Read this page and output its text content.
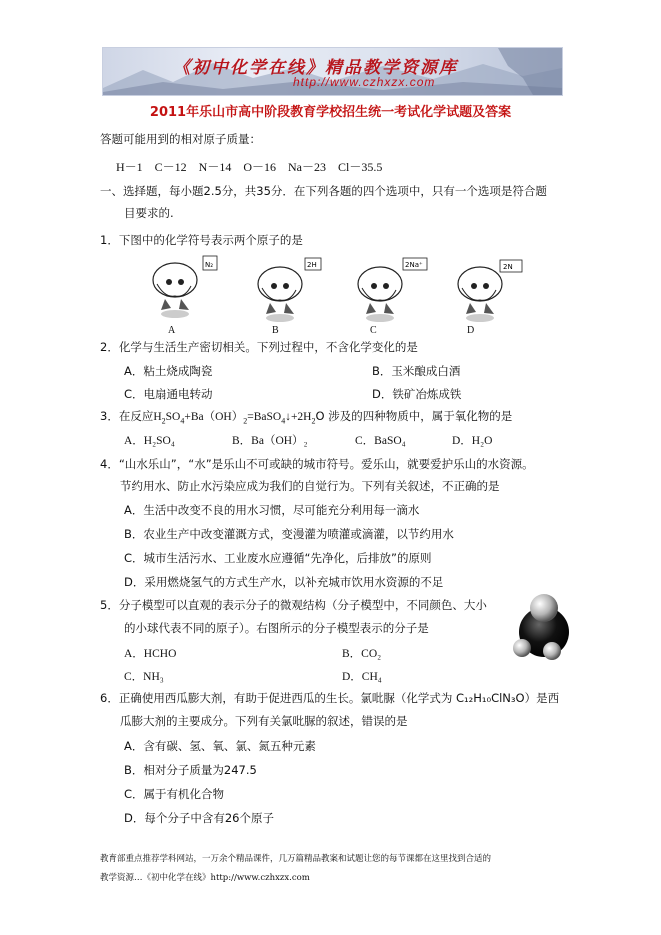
《初中化学在线》精品教学资源库
http://www.czhxzx.com
2011年乐山市高中阶段教育学校招生统一考试化学试题及答案
答题可能用到的相对原子质量：
H－1　C－12　N－14　O－16　Na－23　Cl－35.5
一、选择题，每小题2.5分，共35分．在下列各题的四个选项中，只有一个选项是符合题
目要求的.
1．下图中的化学符号表示两个原子的是
N₂	2H	2Na⁺	2N
A	B	C	D
2．化学与生活生产密切相关。下列过程中，不含化学变化的是
A．粘土烧成陶瓷	B．玉米酿成白酒
C．电扇通电转动	D．铁矿冶炼成铁
3．在反应$H_2SO_4+Ba(OH)_2=BaSO_4↓+2H_2O$ 涉及的四种物质中，属于氧化物的是
A．H₂SO₄	B．Ba（OH）₂	C．BaSO₄	D．H₂O
4．“山水乐山”，“水”是乐山不可或缺的城市符号。爱乐山，就要爱护乐山的水资源。
节约用水、防止水污染应成为我们的自觉行为。下列有关叙述，不正确的是
A．生活中改变不良的用水习惯，尽可能充分利用每一滴水
B．农业生产中改变灌溉方式，变漫灌为喷灌或滴灌，以节约用水
C．城市生活污水、工业废水应遵循“先净化，后排放”的原则
D．采用燃烧氢气的方式生产水，以补充城市饮用水资源的不足
5．分子模型可以直观的表示分子的微观结构（分子模型中，不同颜色、大小
的小球代表不同的原子）。右图所示的分子模型表示的分子是
A．HCHO	B．CO₂
C．NH₃	D．CH₄
6．正确使用西瓜膨大剂，有助于促进西瓜的生长。氯吡脲（化学式为 C₁₂H₁₀ClN₃O）是西
瓜膨大剂的主要成分。下列有关氯吡脲的叙述，错误的是
A．含有碳、氢、氧、氯、氮五种元素
B．相对分子质量为247.5
C．属于有机化合物
D．每个分子中含有26个原子
教育部重点推荐学科网站，一万余个精品课件，几万篇精品教案和试题让您的每节课都在这里找到合适的
教学资源…《初中化学在线》http://www.czhxzx.com
